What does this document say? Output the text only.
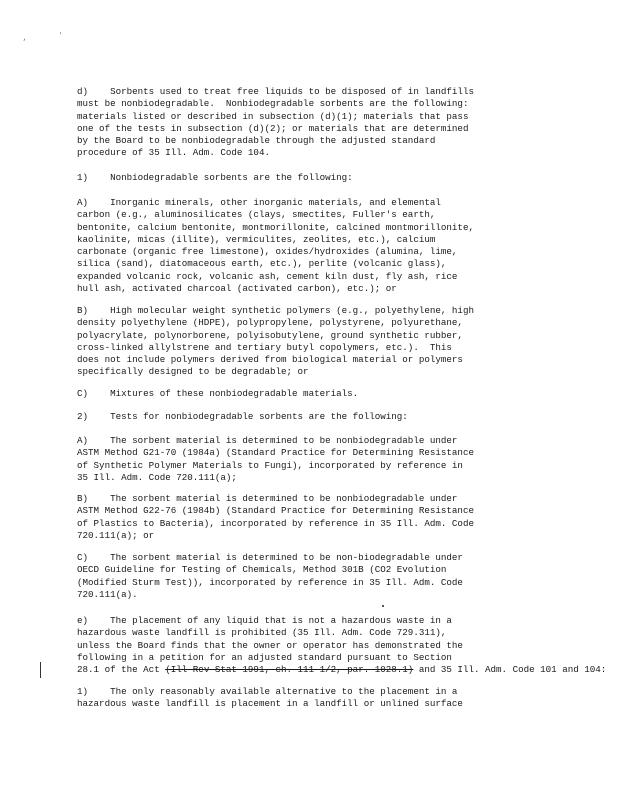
,	'
d)    Sorbents used to treat free liquids to be disposed of in landfills
must be nonbiodegradable.  Nonbiodegradable sorbents are the following:
materials listed or described in subsection (d)(1); materials that pass
one of the tests in subsection (d)(2); or materials that are determined
by the Board to be nonbiodegradable through the adjusted standard
procedure of 35 Ill. Adm. Code 104.
1)    Nonbiodegradable sorbents are the following:
A)    Inorganic minerals, other inorganic materials, and elemental
carbon (e.g., aluminosilicates (clays, smectites, Fuller's earth,
bentonite, calcium bentonite, montmorillonite, calcined montmorillonite,
kaolinite, micas (illite), vermiculites, zeolites, etc.), calcium
carbonate (organic free limestone), oxides/hydroxides (alumina, lime,
silica (sand), diatomaceous earth, etc.), perlite (volcanic glass),
expanded volcanic rock, volcanic ash, cement kiln dust, fly ash, rice
hull ash, activated charcoal (activated carbon), etc.); or
B)    High molecular weight synthetic polymers (e.g., polyethylene, high
density polyethylene (HDPE), polypropylene, polystyrene, polyurethane,
polyacrylate, polynorborene, polyisobutylene, ground synthetic rubber,
cross-linked allylstrene and tertiary butyl copolymers, etc.).  This
does not include polymers derived from biological material or polymers
specifically designed to be degradable; or
C)    Mixtures of these nonbiodegradable materials.
2)    Tests for nonbiodegradable sorbents are the following:
A)    The sorbent material is determined to be nonbiodegradable under
ASTM Method G21-70 (1984a) (Standard Practice for Determining Resistance
of Synthetic Polymer Materials to Fungi), incorporated by reference in
35 Ill. Adm. Code 720.111(a);
B)    The sorbent material is determined to be nonbiodegradable under
ASTM Method G22-76 (1984b) (Standard Practice for Determining Resistance
of Plastics to Bacteria), incorporated by reference in 35 Ill. Adm. Code
720.111(a); or
C)    The sorbent material is determined to be non-biodegradable under
OECD Guideline for Testing of Chemicals, Method 301B (CO2 Evolution
(Modified Sturm Test)), incorporated by reference in 35 Ill. Adm. Code
720.111(a).
e)    The placement of any liquid that is not a hazardous waste in a
hazardous waste landfill is prohibited (35 Ill. Adm. Code 729.311),
unless the Board finds that the owner or operator has demonstrated the
following in a petition for an adjusted standard pursuant to Section
28.1 of the Act (Ill Rev Stat 1991, ch. 111 1/2, par. 1028.1) and 35 Ill. Adm. Code 101 and 104:
1)    The only reasonably available alternative to the placement in a
hazardous waste landfill is placement in a landfill or unlined surface
